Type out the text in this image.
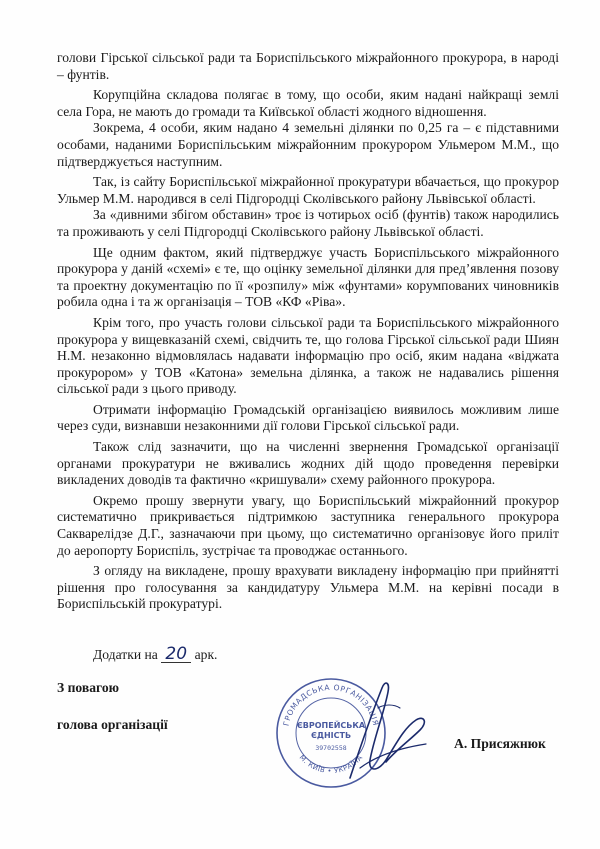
голови Гірської сільської ради та Бориспільського міжрайонного прокурора, в народі – фунтів.

Корупційна складова полягає в тому, що особи, яким надані найкращі землі села Гора, не мають до громади та Київської області жодного відношення.

Зокрема, 4 особи, яким надано 4 земельні ділянки по 0,25 га – є підставними особами, наданими Бориспільським міжрайонним прокурором Ульмером М.М., що підтверджується наступним.

Так, із сайту Бориспільської міжрайонної прокуратури вбачається, що прокурор Ульмер М.М. народився в селі Підгородці Сколівського району Львівської області.

За «дивними збігом обставин» троє із чотирьох осіб (фунтів) також народились та проживають у селі Підгородці Сколівського району Львівської області.

Ще одним фактом, який підтверджує участь Бориспільського міжрайонного прокурора у даній «схемі» є те, що оцінку земельної ділянки для пред’явлення позову та проектну документацію по її «розпилу» між «фунтами» корумпованих чиновників робила одна і та ж організація – ТОВ «КФ «Ріва».

Крім того, про участь голови сільської ради та Бориспільського міжрайонного прокурора у вищевказаній схемі, свідчить те, що голова Гірської сільської ради Шиян Н.М. незаконно відмовлялась надавати інформацію про осіб, яким надана «віджата прокурором» у ТОВ «Катона» земельна ділянка, а також не надавались рішення сільської ради з цього приводу.

Отримати інформацію Громадській організацією виявилось можливим лише через суди, визнавши незаконними дії голови Гірської сільської ради.

Також слід зазначити, що на численні звернення Громадської організації органами прокуратури не вживались жодних дій щодо проведення перевірки викладених доводів та фактично «кришували» схему районного прокурора.

Окремо прошу звернути увагу, що Бориспільський міжрайонний прокурор систематично прикривається підтримкою заступника генерального прокурора Сакварелідзе Д.Г., зазначаючи при цьому, що систематично організовує його приліт до аеропорту Бориспіль, зустрічає та проводжає останнього.

З огляду на викладене, прошу врахувати викладену інформацію при прийнятті рішення про голосування за кандидатуру Ульмера М.М. на керівні посади в Бориспільській прокуратурі.

Додатки на 20 арк.
З повагою
голова організації
А. Присяжнюк
ГРОМАДСЬКА ОРГАНІЗАЦІЯ
М. КИЇВ • УКРАЇНА
ЄВРОПЕЙСЬКА
ЄДНІСТЬ
39702558
